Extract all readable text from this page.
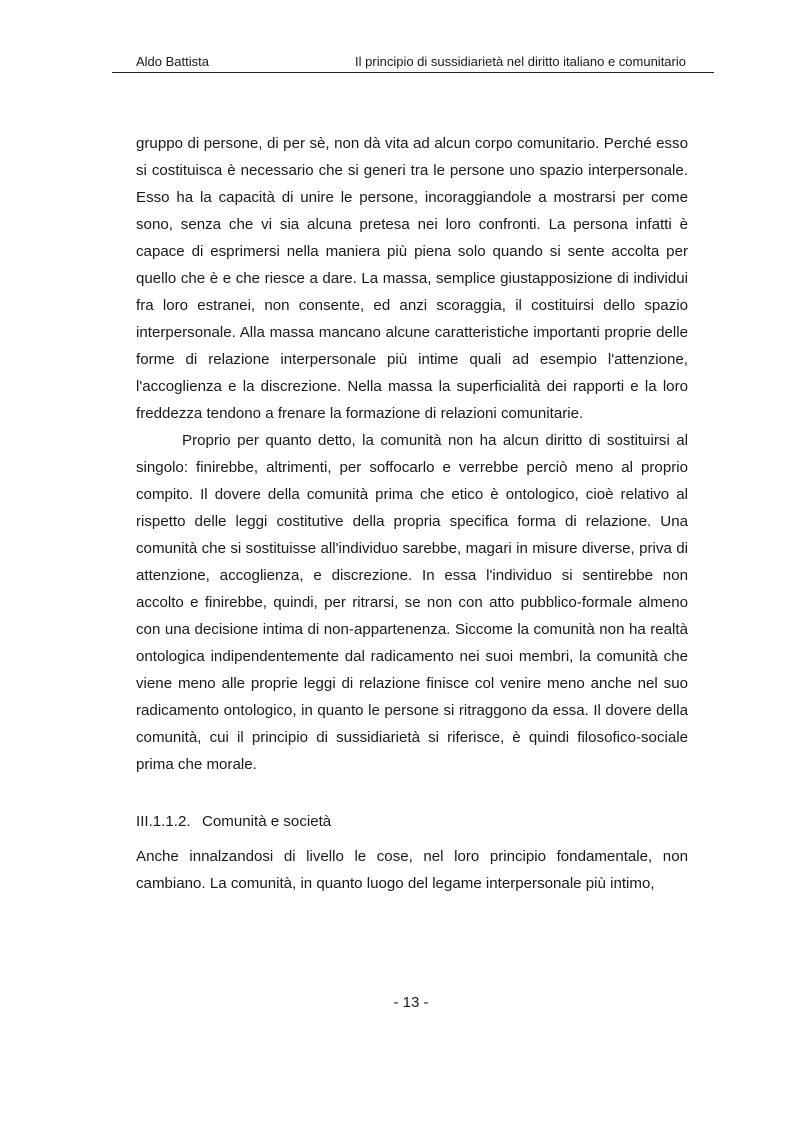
Aldo Battista	Il principio di sussidiarietà nel diritto italiano e comunitario

gruppo di persone, di per sè, non dà vita ad alcun corpo comunitario. Perché esso si costituisca è necessario che si generi tra le persone uno spazio interpersonale. Esso ha la capacità di unire le persone, incoraggiandole a mostrarsi per come sono, senza che vi sia alcuna pretesa nei loro confronti. La persona infatti è capace di esprimersi nella maniera più piena solo quando si sente accolta per quello che è e che riesce a dare. La massa, semplice giustapposizione di individui fra loro estranei, non consente, ed anzi scoraggia, il costituirsi dello spazio interpersonale. Alla massa mancano alcune caratteristiche importanti proprie delle forme di relazione interpersonale più intime quali ad esempio l'attenzione, l'accoglienza e la discrezione. Nella massa la superficialità dei rapporti e la loro freddezza tendono a frenare la formazione di relazioni comunitarie.

Proprio per quanto detto, la comunità non ha alcun diritto di sostituirsi al singolo: finirebbe, altrimenti, per soffocarlo e verrebbe perciò meno al proprio compito. Il dovere della comunità prima che etico è ontologico, cioè relativo al rispetto delle leggi costitutive della propria specifica forma di relazione. Una comunità che si sostituisse all'individuo sarebbe, magari in misure diverse, priva di attenzione, accoglienza, e discrezione. In essa l'individuo si sentirebbe non accolto e finirebbe, quindi, per ritrarsi, se non con atto pubblico-formale almeno con una decisione intima di non-appartenenza. Siccome la comunità non ha realtà ontologica indipendentemente dal radicamento nei suoi membri, la comunità che viene meno alle proprie leggi di relazione finisce col venire meno anche nel suo radicamento ontologico, in quanto le persone si ritraggono da essa. Il dovere della comunità, cui il principio di sussidiarietà si riferisce, è quindi filosofico-sociale prima che morale.

III.1.1.2. Comunità e società

Anche innalzandosi di livello le cose, nel loro principio fondamentale, non cambiano. La comunità, in quanto luogo del legame interpersonale più intimo,

- 13 -
